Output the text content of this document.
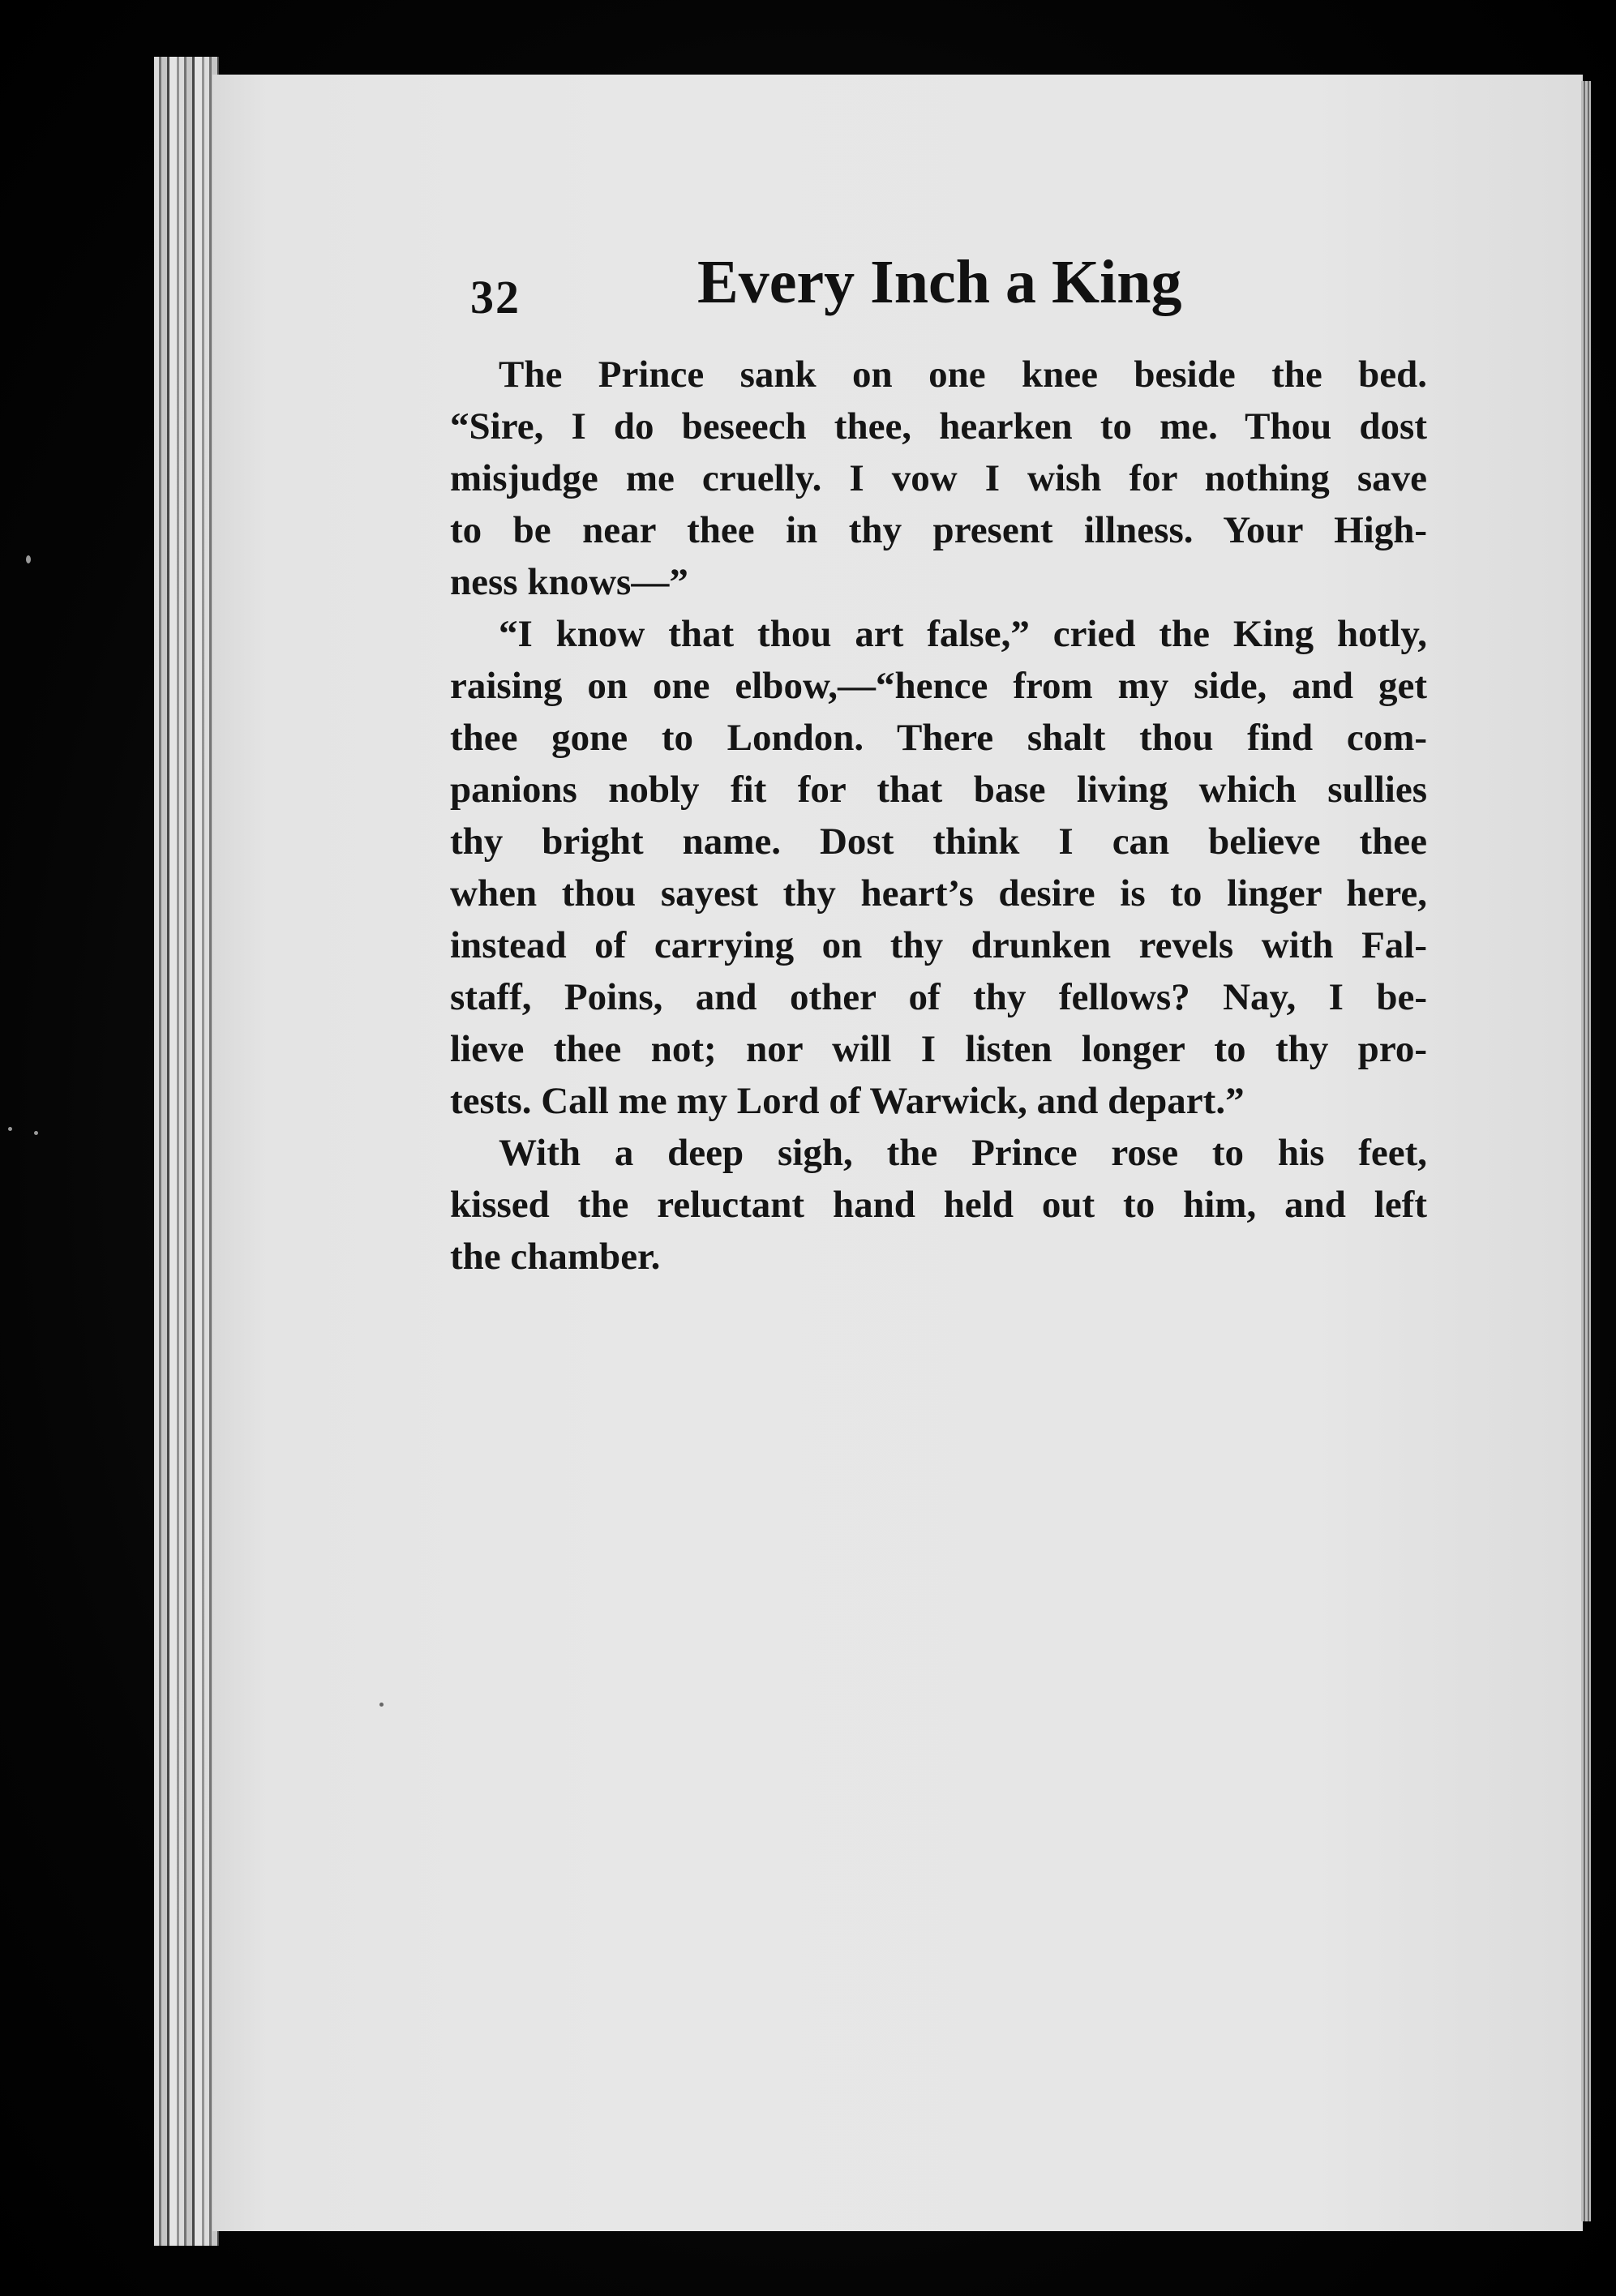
32	Every Inch a King
The Prince sank on one knee beside the bed.
“Sire, I do beseech thee, hearken to me. Thou dost
misjudge me cruelly. I vow I wish for nothing save
to be near thee in thy present illness. Your High-
ness knows—”
“I know that thou art false,” cried the King hotly,
raising on one elbow,—“hence from my side, and get
thee gone to London. There shalt thou find com-
panions nobly fit for that base living which sullies
thy bright name. Dost think I can believe thee
when thou sayest thy heart’s desire is to linger here,
instead of carrying on thy drunken revels with Fal-
staff, Poins, and other of thy fellows? Nay, I be-
lieve thee not; nor will I listen longer to thy pro-
tests. Call me my Lord of Warwick, and depart.”
With a deep sigh, the Prince rose to his feet,
kissed the reluctant hand held out to him, and left
the chamber.
